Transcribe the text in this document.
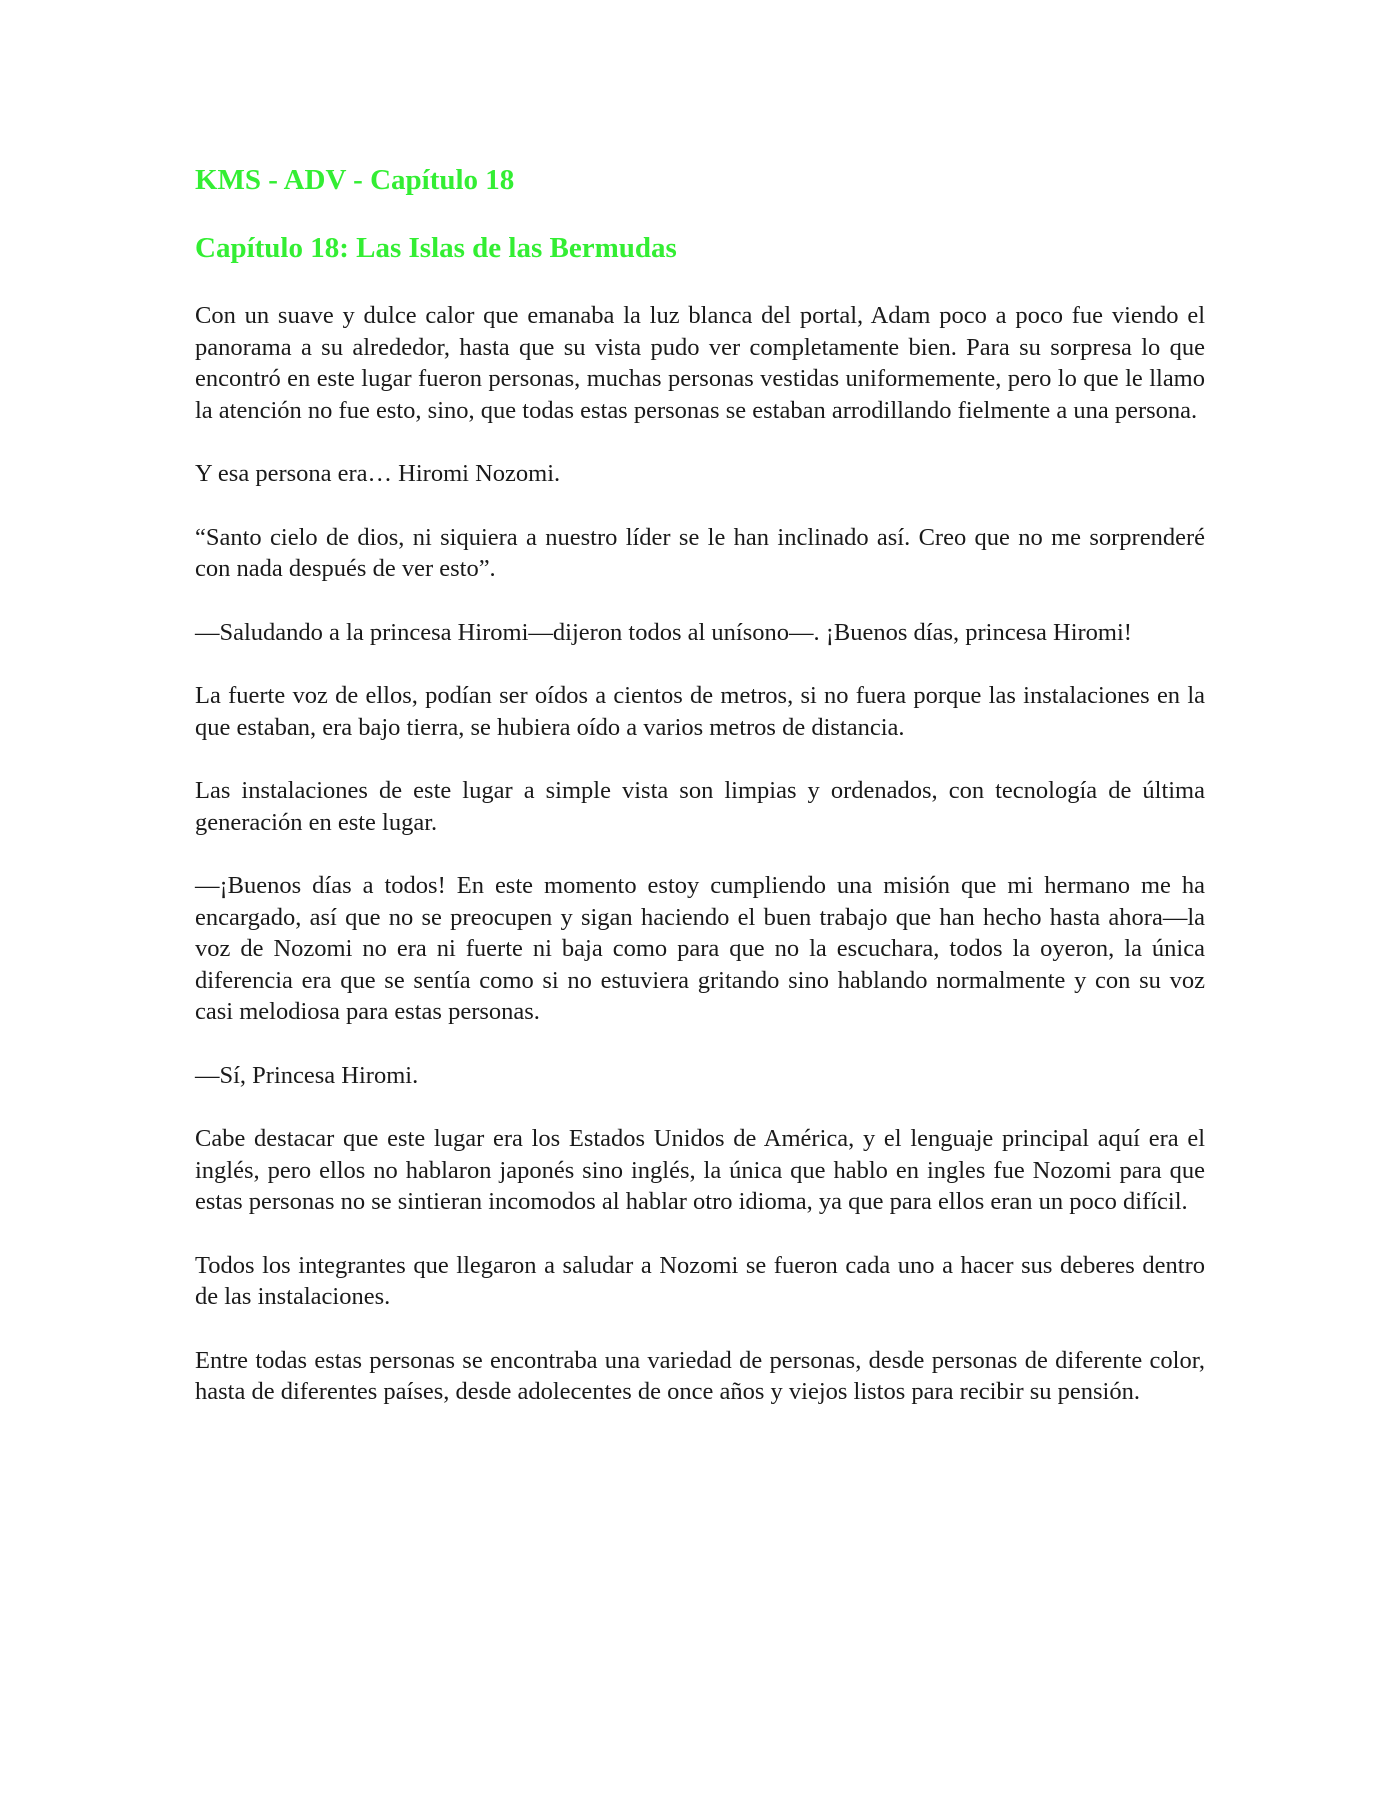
KMS - ADV - Capítulo 18
Capítulo 18: Las Islas de las Bermudas

Con un suave y dulce calor que emanaba la luz blanca del portal, Adam poco a poco fue viendo el panorama a su alrededor, hasta que su vista pudo ver completamente bien. Para su sorpresa lo que encontró en este lugar fueron personas, muchas personas vestidas uniformemente, pero lo que le llamo la atención no fue esto, sino, que todas estas personas se estaban arrodillando fielmente a una persona.

Y esa persona era… Hiromi Nozomi.

“Santo cielo de dios, ni siquiera a nuestro líder se le han inclinado así. Creo que no me sorprenderé con nada después de ver esto”.

—Saludando a la princesa Hiromi—dijeron todos al unísono—. ¡Buenos días, princesa Hiromi!

La fuerte voz de ellos, podían ser oídos a cientos de metros, si no fuera porque las instalaciones en la que estaban, era bajo tierra, se hubiera oído a varios metros de distancia.

Las instalaciones de este lugar a simple vista son limpias y ordenados, con tecnología de última generación en este lugar.

—¡Buenos días a todos! En este momento estoy cumpliendo una misión que mi hermano me ha encargado, así que no se preocupen y sigan haciendo el buen trabajo que han hecho hasta ahora—la voz de Nozomi no era ni fuerte ni baja como para que no la escuchara, todos la oyeron, la única diferencia era que se sentía como si no estuviera gritando sino hablando normalmente y con su voz casi melodiosa para estas personas.

—Sí, Princesa Hiromi.

Cabe destacar que este lugar era los Estados Unidos de América, y el lenguaje principal aquí era el inglés, pero ellos no hablaron japonés sino inglés, la única que hablo en ingles fue Nozomi para que estas personas no se sintieran incomodos al hablar otro idioma, ya que para ellos eran un poco difícil.

Todos los integrantes que llegaron a saludar a Nozomi se fueron cada uno a hacer sus deberes dentro de las instalaciones.

Entre todas estas personas se encontraba una variedad de personas, desde personas de diferente color, hasta de diferentes países, desde adolecentes de once años y viejos listos para recibir su pensión.
